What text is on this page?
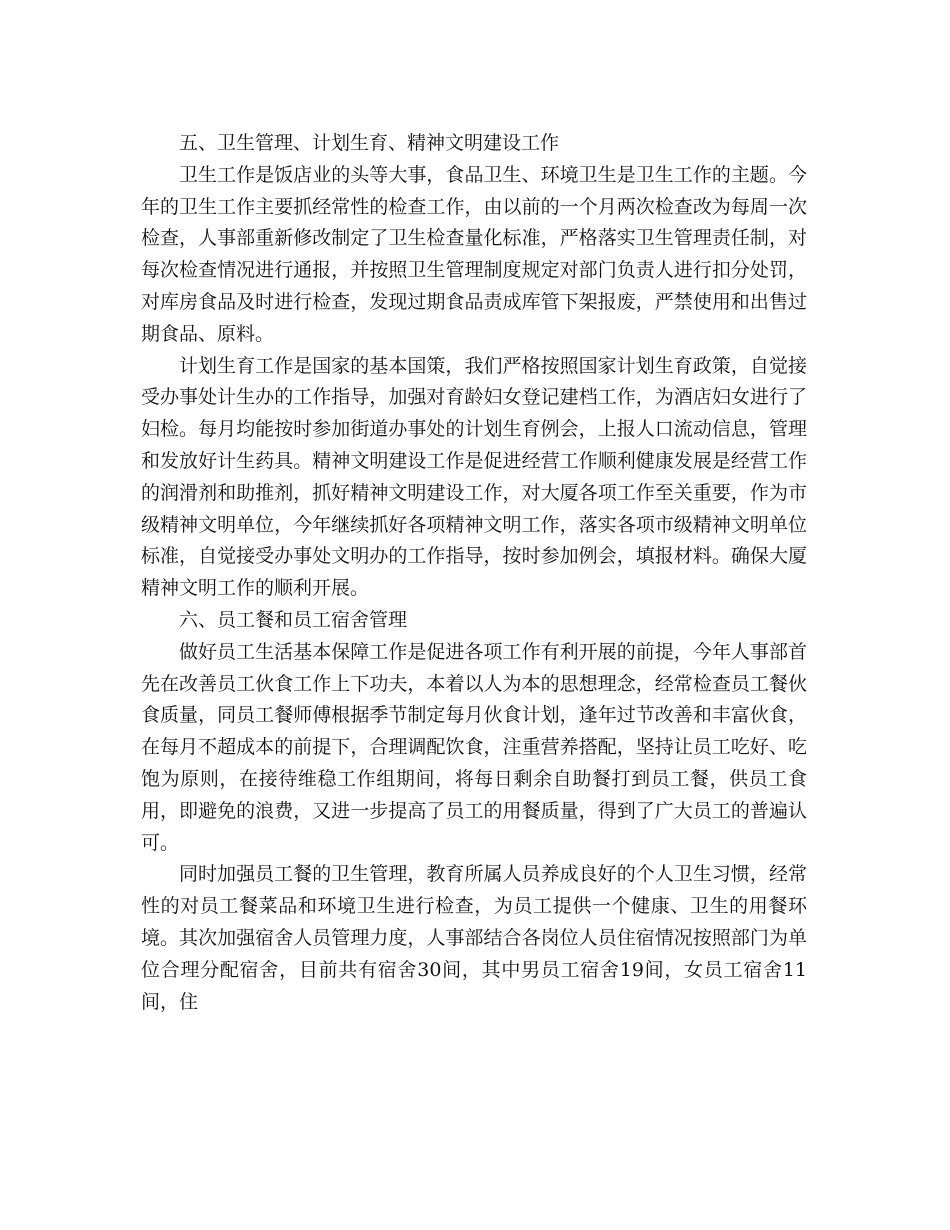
五、卫生管理、计划生育、精神文明建设工作

卫生工作是饭店业的头等大事，食品卫生、环境卫生是卫生工作的主题。今年的卫生工作主要抓经常性的检查工作，由以前的一个月两次检查改为每周一次检查，人事部重新修改制定了卫生检查量化标准，严格落实卫生管理责任制，对每次检查情况进行通报，并按照卫生管理制度规定对部门负责人进行扣分处罚，对库房食品及时进行检查，发现过期食品责成库管下架报废，严禁使用和出售过期食品、原料。

计划生育工作是国家的基本国策，我们严格按照国家计划生育政策，自觉接受办事处计生办的工作指导，加强对育龄妇女登记建档工作，为酒店妇女进行了妇检。每月均能按时参加街道办事处的计划生育例会，上报人口流动信息，管理和发放好计生药具。精神文明建设工作是促进经营工作顺利健康发展是经营工作的润滑剂和助推剂，抓好精神文明建设工作，对大厦各项工作至关重要，作为市级精神文明单位，今年继续抓好各项精神文明工作，落实各项市级精神文明单位标准，自觉接受办事处文明办的工作指导，按时参加例会，填报材料。确保大厦精神文明工作的顺利开展。

六、员工餐和员工宿舍管理

做好员工生活基本保障工作是促进各项工作有利开展的前提，今年人事部首先在改善员工伙食工作上下功夫，本着以人为本的思想理念，经常检查员工餐伙食质量，同员工餐师傅根据季节制定每月伙食计划，逢年过节改善和丰富伙食，在每月不超成本的前提下，合理调配饮食，注重营养搭配，坚持让员工吃好、吃饱为原则，在接待维稳工作组期间，将每日剩余自助餐打到员工餐，供员工食用，即避免的浪费，又进一步提高了员工的用餐质量，得到了广大员工的普遍认可。

同时加强员工餐的卫生管理，教育所属人员养成良好的个人卫生习惯，经常性的对员工餐菜品和环境卫生进行检查，为员工提供一个健康、卫生的用餐环境。其次加强宿舍人员管理力度，人事部结合各岗位人员住宿情况按照部门为单位合理分配宿舍，目前共有宿舍30间，其中男员工宿舍19间，女员工宿舍11间，住
